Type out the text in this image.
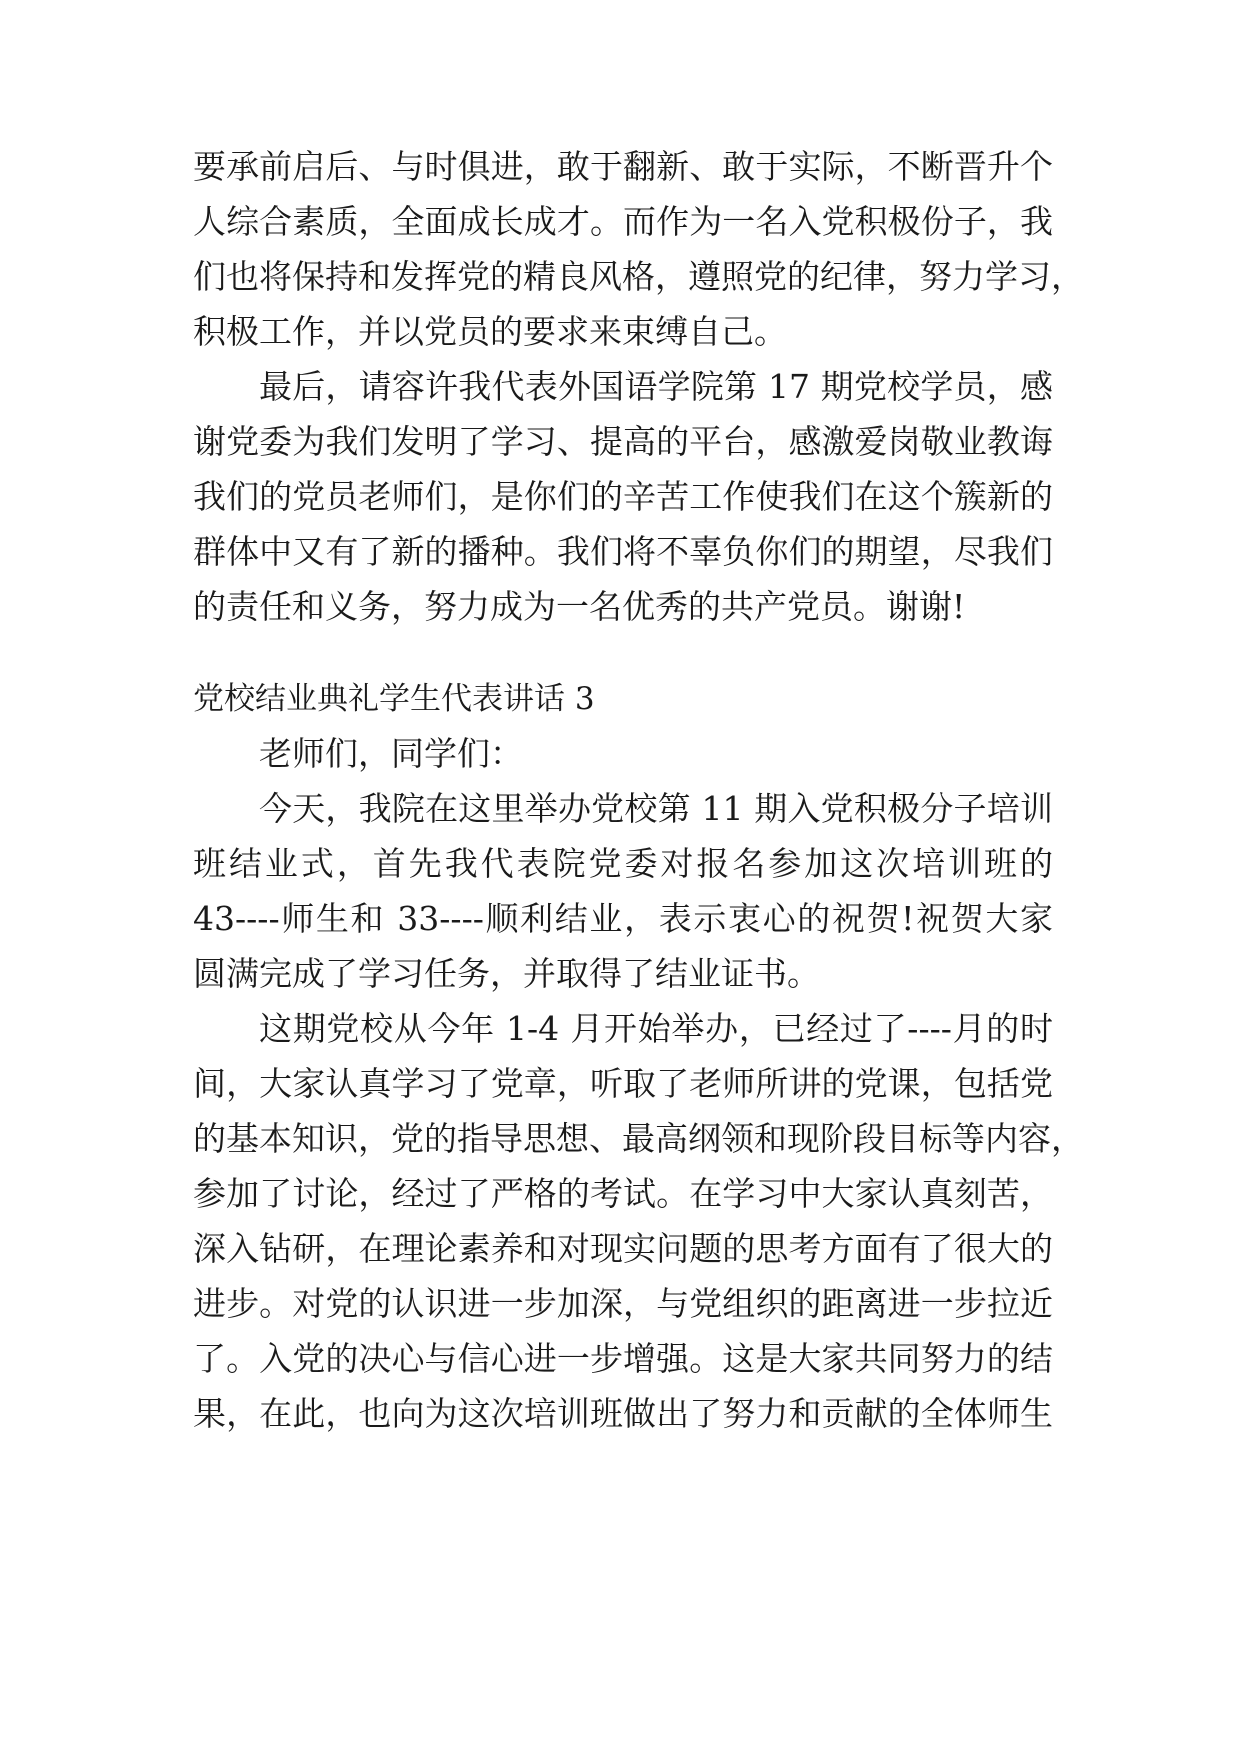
要承前启后、与时俱进，敢于翻新、敢于实际，不断晋升个

人综合素质，全面成长成才。而作为一名入党积极份子，我

们也将保持和发挥党的精良风格，遵照党的纪律，努力学习，

积极工作，并以党员的要求来束缚自己。

最后，请容许我代表外国语学院第 17 期党校学员，感

谢党委为我们发明了学习、提高的平台，感激爱岗敬业教诲

我们的党员老师们，是你们的辛苦工作使我们在这个簇新的

群体中又有了新的播种。我们将不辜负你们的期望，尽我们

的责任和义务，努力成为一名优秀的共产党员。谢谢!

党校结业典礼学生代表讲话 3

老师们，同学们：

今天，我院在这里举办党校第 11 期入党积极分子培训

班结业式，首先我代表院党委对报名参加这次培训班的

43----师生和 33----顺利结业，表示衷心的祝贺!祝贺大家

圆满完成了学习任务，并取得了结业证书。

这期党校从今年 1-4 月开始举办，已经过了----月的时

间，大家认真学习了党章，听取了老师所讲的党课，包括党

的基本知识，党的指导思想、最高纲领和现阶段目标等内容，

参加了讨论，经过了严格的考试。在学习中大家认真刻苦，

深入钻研，在理论素养和对现实问题的思考方面有了很大的

进步。对党的认识进一步加深，与党组织的距离进一步拉近

了。入党的决心与信心进一步增强。这是大家共同努力的结

果，在此，也向为这次培训班做出了努力和贡献的全体师生
